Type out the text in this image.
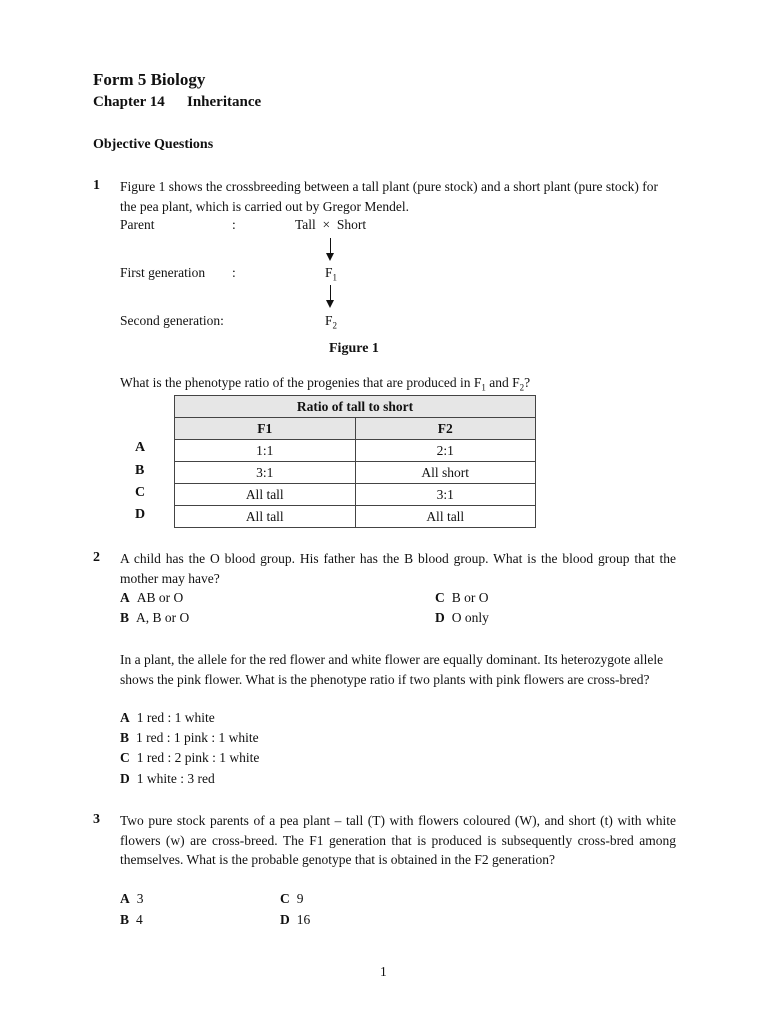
Form 5 Biology
Chapter 14 Inheritance
Objective Questions
1 Figure 1 shows the crossbreeding between a tall plant (pure stock) and a short plant (pure stock) for the pea plant, which is carried out by Gregor Mendel.
Parent	:	Tall  ×  Short
First generation :	$F_1$
Second generation:	$F_2$
Figure 1
What is the phenotype ratio of the progenies that are produced in $F_1$ and $F_2$?
Ratio of tall to short	
F1	F2
1:1	2:1
3:1	All short
All tall	3:1
All tall	All tall
A
B
C
D
2 A child has the O blood group. His father has the B blood group. What is the blood group that the mother may have?
A AB or O
B A, B or O
C B or O
D O only
In a plant, the allele for the red flower and white flower are equally dominant. Its heterozygote allele shows the pink flower. What is the phenotype ratio if two plants with pink flowers are cross-bred?
A 1 red : 1 white
B 1 red : 1 pink : 1 white
C 1 red : 2 pink : 1 white
D 1 white : 3 red
3 Two pure stock parents of a pea plant – tall (T) with flowers coloured (W), and short (t) with white flowers (w) are cross-breed. The F1 generation that is produced is subsequently cross-bred among themselves. What is the probable genotype that is obtained in the F2 generation?
A 3
B 4
C 9
D 16
1
